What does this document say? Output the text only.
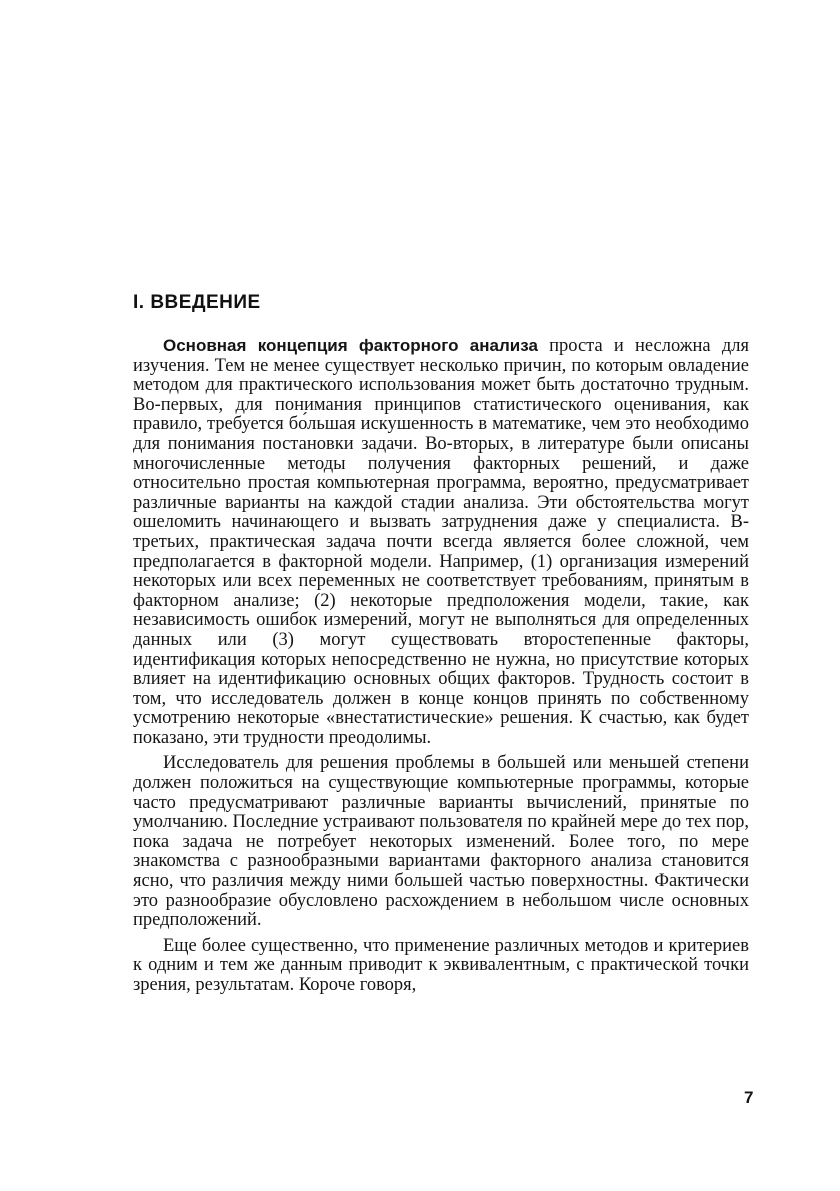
I. ВВЕДЕНИЕ

Основная концепция факторного анализа проста и несложна для изучения. Тем не менее существует несколько причин, по которым овладение методом для практического использования может быть достаточно трудным. Во-первых, для понимания принципов статистического оценивания, как правило, требуется бо́льшая искушенность в математике, чем это необходимо для понимания постановки задачи. Во-вторых, в литературе были описаны многочисленные методы получения факторных решений, и даже относительно простая компьютерная программа, вероятно, предусматривает различные варианты на каждой стадии анализа. Эти обстоятельства могут ошеломить начинающего и вызвать затруднения даже у специалиста. В-третьих, практическая задача почти всегда является более сложной, чем предполагается в факторной модели. Например, (1) организация измерений некоторых или всех переменных не соответствует требованиям, принятым в факторном анализе; (2) некоторые предположения модели, такие, как независимость ошибок измерений, могут не выполняться для определенных данных или (3) могут существовать второстепенные факторы, идентификация которых непосредственно не нужна, но присутствие которых влияет на идентификацию основных общих факторов. Трудность состоит в том, что исследователь должен в конце концов принять по собственному усмотрению некоторые «внестатистические» решения. К счастью, как будет показано, эти трудности преодолимы.

Исследователь для решения проблемы в большей или меньшей степени должен положиться на существующие компьютерные программы, которые часто предусматривают различные варианты вычислений, принятые по умолчанию. Последние устраивают пользователя по крайней мере до тех пор, пока задача не потребует некоторых изменений. Более того, по мере знакомства с разнообразными вариантами факторного анализа становится ясно, что различия между ними большей частью поверхностны. Фактически это разнообразие обусловлено расхождением в небольшом числе основных предположений.

Еще более существенно, что применение различных методов и критериев к одним и тем же данным приводит к эквивалентным, с практической точки зрения, результатам. Короче говоря,

7
